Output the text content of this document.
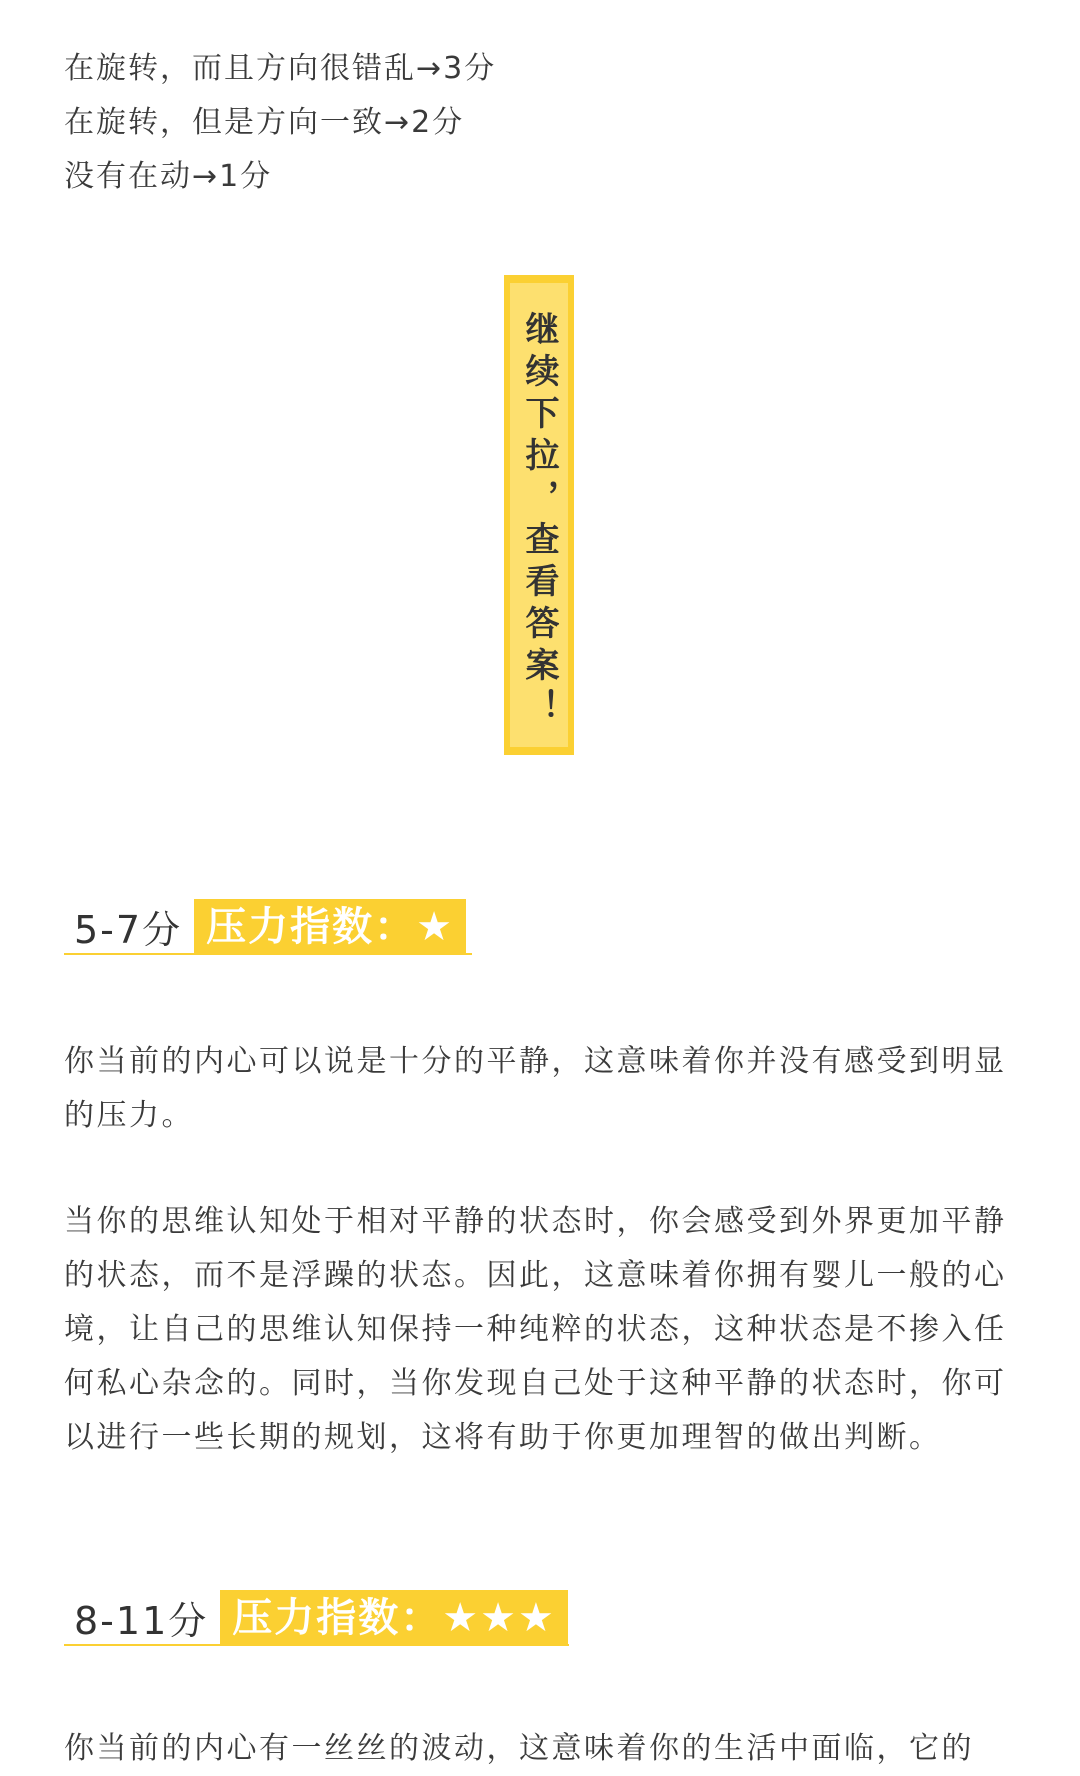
在旋转，而且方向很错乱→3分
在旋转，但是方向一致→2分
没有在动→1分
继续下拉，查看答案！
5-7分 压力指数：★

你当前的内心可以说是十分的平静，这意味着你并没有感受到明显的压力。

当你的思维认知处于相对平静的状态时，你会感受到外界更加平静的状态，而不是浮躁的状态。因此，这意味着你拥有婴儿一般的心境，让自己的思维认知保持一种纯粹的状态，这种状态是不掺入任何私心杂念的。同时，当你发现自己处于这种平静的状态时，你可以进行一些长期的规划，这将有助于你更加理智的做出判断。

8-11分 压力指数：★★★

你当前的内心有一丝丝的波动，这意味着你的生活中面临，它的
